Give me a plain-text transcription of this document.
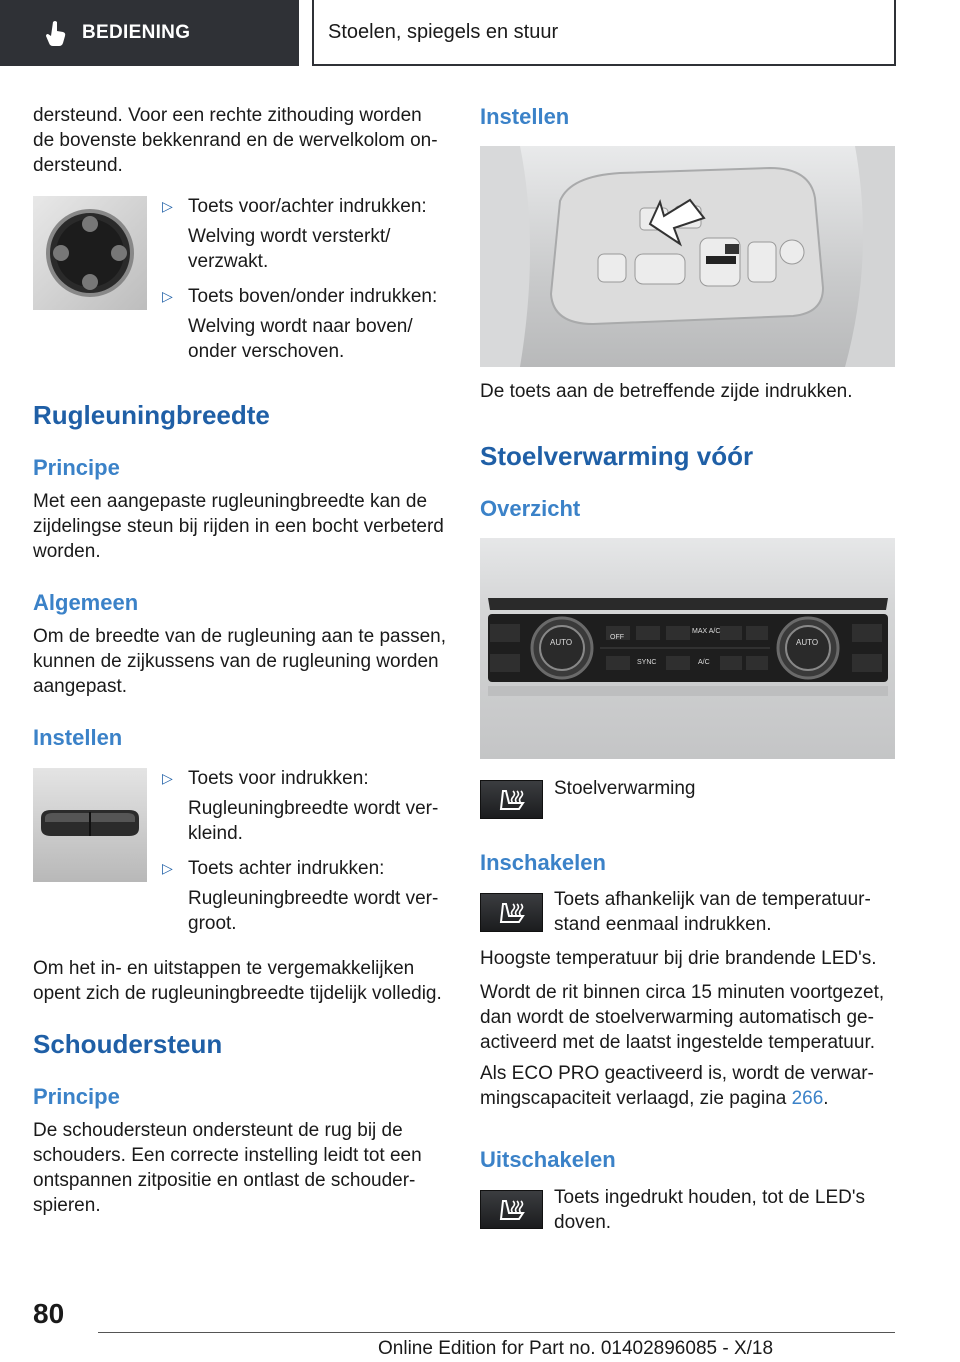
BEDIENING	Stoelen, spiegels en stuur

dersteund. Voor een rechte zithouding worden de bovenste bekkenrand en de wervelkolom ondersteund.

▷ Toets voor/achter indrukken:
Welving wordt versterkt/ verzwakt.
▷ Toets boven/onder indrukken:
Welving wordt naar boven/ onder verschoven.
Rugleuningbreedte
Principe

Met een aangepaste rugleuningbreedte kan de zijdelingse steun bij rijden in een bocht verbeterd worden.

Algemeen

Om de breedte van de rugleuning aan te passen, kunnen de zijkussens van de rugleuning worden aangepast.

Instellen
▷ Toets voor indrukken:
Rugleuningbreedte wordt verkleind.
▷ Toets achter indrukken:
Rugleuningbreedte wordt vergroot.

Om het in- en uitstappen te vergemakkelijken opent zich de rugleuningbreedte tijdelijk volledig.

Schoudersteun
Principe

De schoudersteun ondersteunt de rug bij de schouders. Een correcte instelling leidt tot een ontspannen zitpositie en ontlast de schouderspieren.

Instellen

De toets aan de betreffende zijde indrukken.

Stoelverwarming vóór
Overzicht
AUTO	AUTO
OFF
MAX A/C
SYNC	A/C

Stoelverwarming

Inschakelen

Toets afhankelijk van de temperatuurstand eenmaal indrukken.

Hoogste temperatuur bij drie brandende LED's.

Wordt de rit binnen circa 15 minuten voortgezet, dan wordt de stoelverwarming automatisch geactiveerd met de laatst ingestelde temperatuur.

Als ECO PRO geactiveerd is, wordt de verwarmingscapaciteit verlaagd, zie pagina 266.

Uitschakelen

Toets ingedrukt houden, tot de LED's doven.

80
Online Edition for Part no. 01402896085 - X/18
